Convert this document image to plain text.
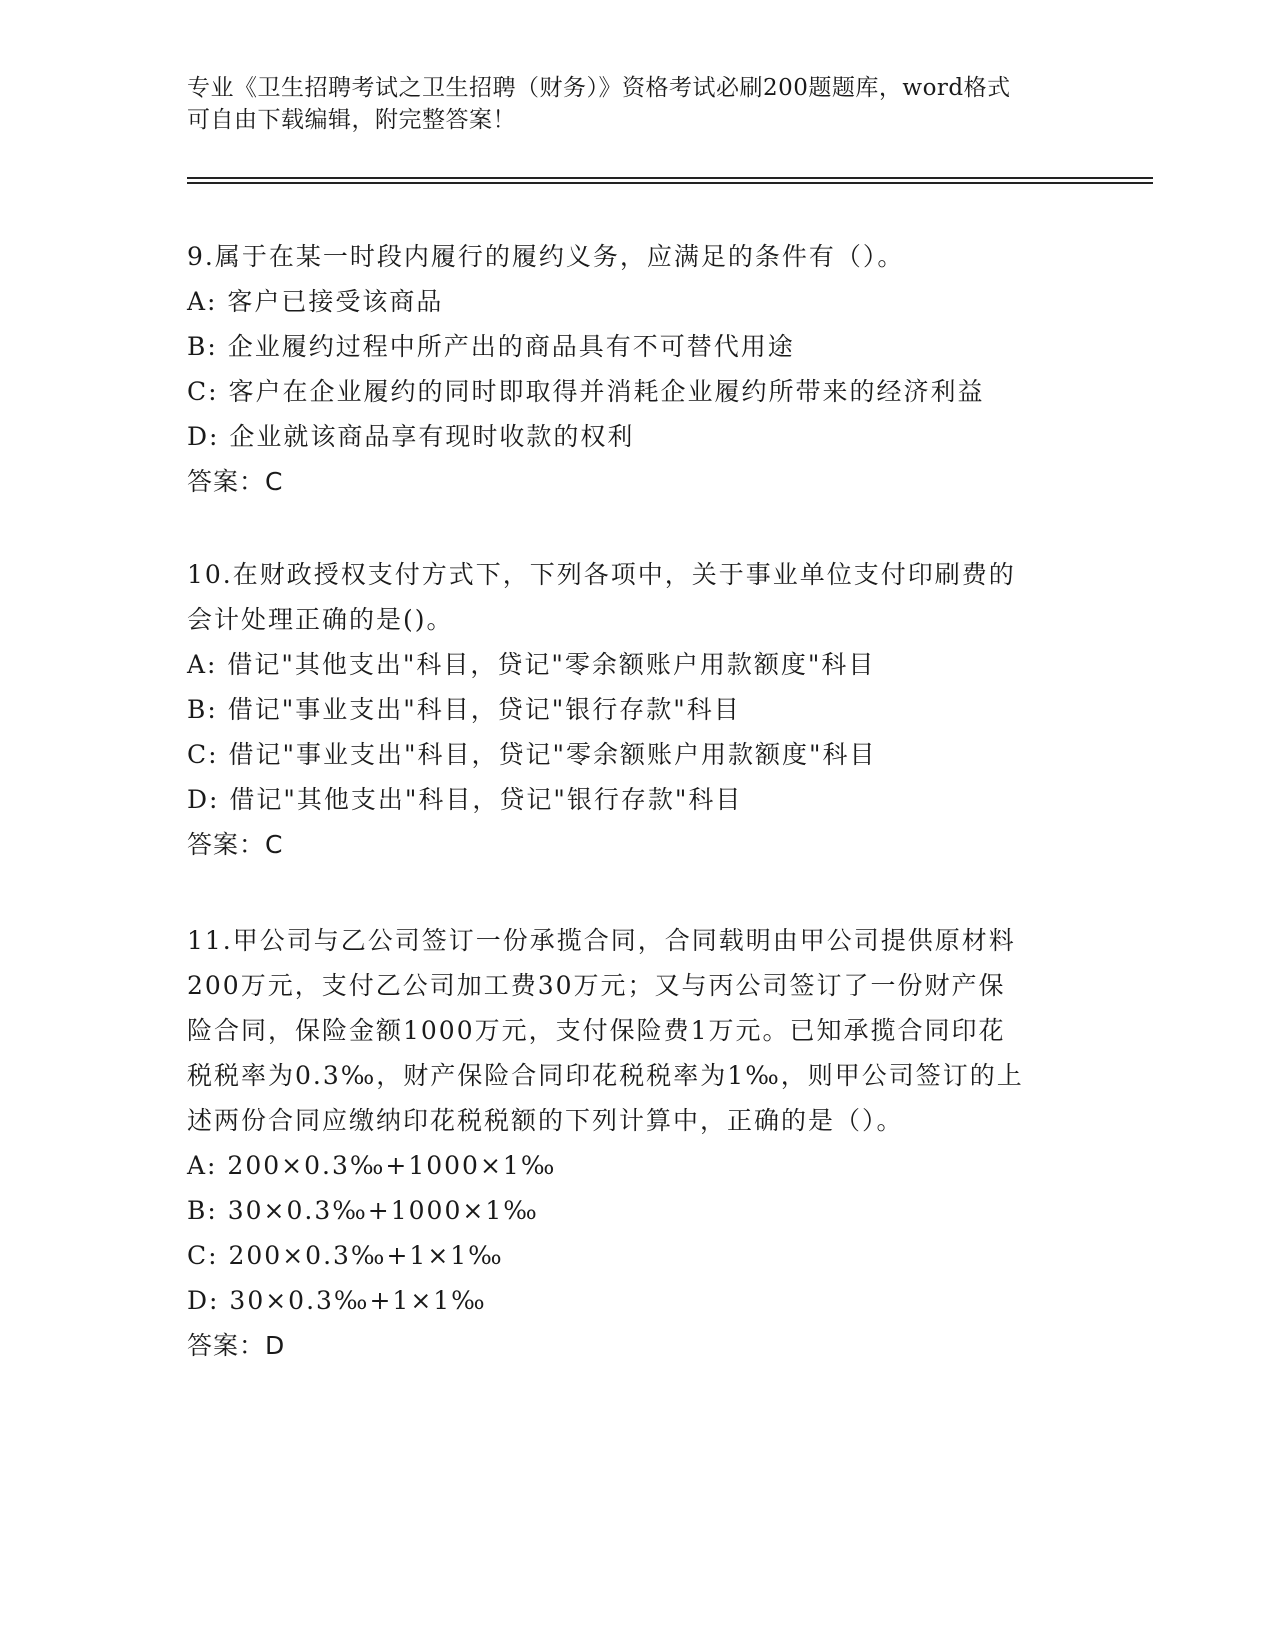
专业《卫生招聘考试之卫生招聘（财务）》资格考试必刷200题题库，word格式
可自由下载编辑，附完整答案！

9.属于在某一时段内履行的履约义务，应满足的条件有（）。

A: 客户已接受该商品

B: 企业履约过程中所产出的商品具有不可替代用途

C: 客户在企业履约的同时即取得并消耗企业履约所带来的经济利益

D: 企业就该商品享有现时收款的权利

答案：C

10.在财政授权支付方式下，下列各项中，关于事业单位支付印刷费的

会计处理正确的是()。

A: 借记"其他支出"科目，贷记"零余额账户用款额度"科目

B: 借记"事业支出"科目，贷记"银行存款"科目

C: 借记"事业支出"科目，贷记"零余额账户用款额度"科目

D: 借记"其他支出"科目，贷记"银行存款"科目

答案：C

11.甲公司与乙公司签订一份承揽合同，合同载明由甲公司提供原材料

200万元，支付乙公司加工费30万元；又与丙公司签订了一份财产保

险合同，保险金额1000万元，支付保险费1万元。已知承揽合同印花

税税率为0.3‰，财产保险合同印花税税率为1‰，则甲公司签订的上

述两份合同应缴纳印花税税额的下列计算中，正确的是（）。

A: 200×0.3‰+1000×1‰

B: 30×0.3‰+1000×1‰

C: 200×0.3‰+1×1‰

D: 30×0.3‰+1×1‰

答案：D
